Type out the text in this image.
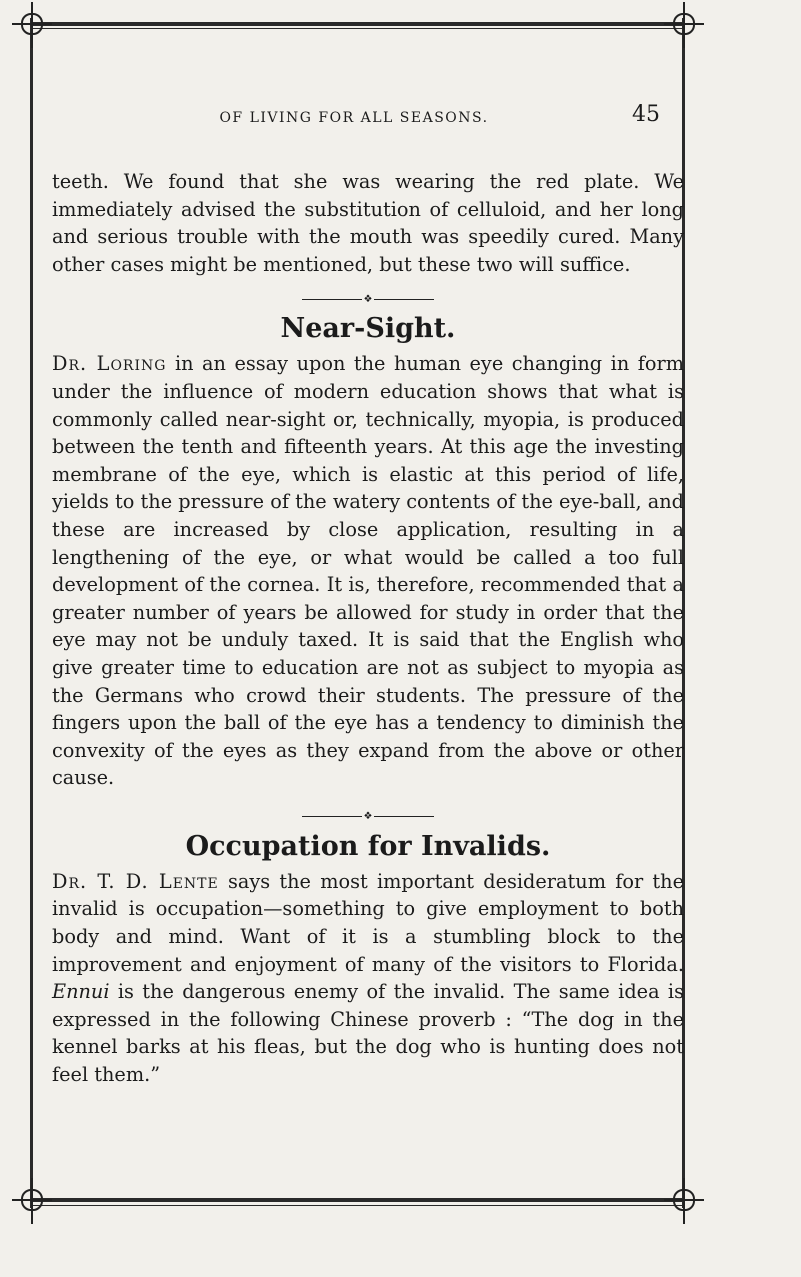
OF LIVING FOR ALL SEASONS.	45

teeth. We found that she was wearing the red plate. We immediately advised the substitution of celluloid, and her long and serious trouble with the mouth was speedily cured. Many other cases might be mentioned, but these two will suffice.

❖
Near-Sight.

Dr. Loring in an essay upon the human eye changing in form under the influence of modern education shows that what is commonly called near-sight or, technically, myopia, is produced between the tenth and fifteenth years. At this age the investing membrane of the eye, which is elastic at this period of life, yields to the pressure of the watery contents of the eye-ball, and these are increased by close application, resulting in a lengthening of the eye, or what would be called a too full development of the cornea. It is, therefore, recommended that a greater number of years be allowed for study in order that the eye may not be unduly taxed. It is said that the English who give greater time to education are not as subject to myopia as the Germans who crowd their students. The pressure of the fingers upon the ball of the eye has a tendency to diminish the convexity of the eyes as they expand from the above or other cause.

❖
Occupation for Invalids.

Dr. T. D. Lente says the most important desideratum for the invalid is occupation—something to give employment to both body and mind. Want of it is a stumbling block to the improvement and enjoyment of many of the visitors to Florida. Ennui is the dangerous enemy of the invalid. The same idea is expressed in the following Chinese proverb : “The dog in the kennel barks at his fleas, but the dog who is hunting does not feel them.”
